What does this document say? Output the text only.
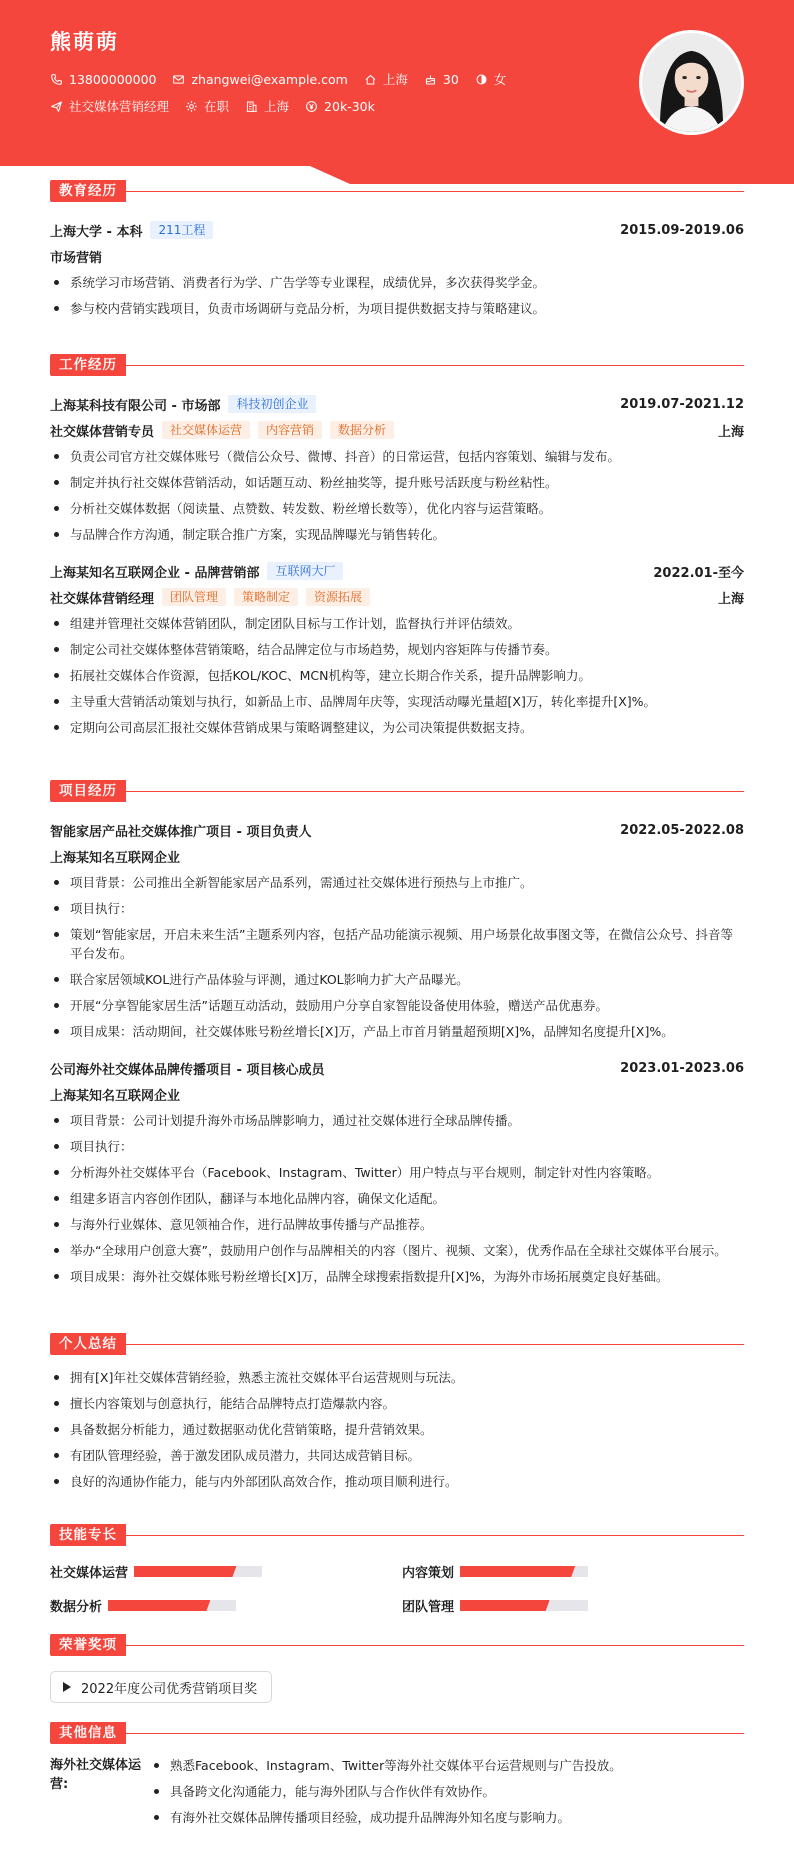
熊萌萌
13800000000	zhangwei@example.com	上海	30	女
社交媒体营销经理	在职	上海	20k-30k
教育经历
上海大学 - 本科	211工程	2015.09-2019.06
市场营销
系统学习市场营销、消费者行为学、广告学等专业课程，成绩优异，多次获得奖学金。
参与校内营销实践项目，负责市场调研与竞品分析，为项目提供数据支持与策略建议。
工作经历
上海某科技有限公司 - 市场部	科技初创企业	2019.07-2021.12
社交媒体营销专员	社交媒体运营	内容营销	数据分析	上海
负责公司官方社交媒体账号（微信公众号、微博、抖音）的日常运营，包括内容策划、编辑与发布。
制定并执行社交媒体营销活动，如话题互动、粉丝抽奖等，提升账号活跃度与粉丝粘性。
分析社交媒体数据（阅读量、点赞数、转发数、粉丝增长数等），优化内容与运营策略。
与品牌合作方沟通，制定联合推广方案，实现品牌曝光与销售转化。
上海某知名互联网企业 - 品牌营销部	互联网大厂	2022.01-至今
社交媒体营销经理	团队管理	策略制定	资源拓展	上海
组建并管理社交媒体营销团队，制定团队目标与工作计划，监督执行并评估绩效。
制定公司社交媒体整体营销策略，结合品牌定位与市场趋势，规划内容矩阵与传播节奏。
拓展社交媒体合作资源，包括KOL/KOC、MCN机构等，建立长期合作关系，提升品牌影响力。
主导重大营销活动策划与执行，如新品上市、品牌周年庆等，实现活动曝光量超[X]万，转化率提升[X]%。
定期向公司高层汇报社交媒体营销成果与策略调整建议，为公司决策提供数据支持。
项目经历
智能家居产品社交媒体推广项目 - 项目负责人	2022.05-2022.08
上海某知名互联网企业
项目背景：公司推出全新智能家居产品系列，需通过社交媒体进行预热与上市推广。
项目执行：
策划“智能家居，开启未来生活”主题系列内容，包括产品功能演示视频、用户场景化故事图文等，在微信公众号、抖音等平台发布。
联合家居领域KOL进行产品体验与评测，通过KOL影响力扩大产品曝光。
开展“分享智能家居生活”话题互动活动，鼓励用户分享自家智能设备使用体验，赠送产品优惠券。
项目成果：活动期间，社交媒体账号粉丝增长[X]万，产品上市首月销量超预期[X]%，品牌知名度提升[X]%。
公司海外社交媒体品牌传播项目 - 项目核心成员	2023.01-2023.06
上海某知名互联网企业
项目背景：公司计划提升海外市场品牌影响力，通过社交媒体进行全球品牌传播。
项目执行：
分析海外社交媒体平台（Facebook、Instagram、Twitter）用户特点与平台规则，制定针对性内容策略。
组建多语言内容创作团队，翻译与本地化品牌内容，确保文化适配。
与海外行业媒体、意见领袖合作，进行品牌故事传播与产品推荐。
举办“全球用户创意大赛”，鼓励用户创作与品牌相关的内容（图片、视频、文案），优秀作品在全球社交媒体平台展示。
项目成果：海外社交媒体账号粉丝增长[X]万，品牌全球搜索指数提升[X]%，为海外市场拓展奠定良好基础。
个人总结
拥有[X]年社交媒体营销经验，熟悉主流社交媒体平台运营规则与玩法。
擅长内容策划与创意执行，能结合品牌特点打造爆款内容。
具备数据分析能力，通过数据驱动优化营销策略，提升营销效果。
有团队管理经验，善于激发团队成员潜力，共同达成营销目标。
良好的沟通协作能力，能与内外部团队高效合作，推动项目顺利进行。
技能专长
社交媒体运营	内容策划
数据分析	团队管理
荣誉奖项
2022年度公司优秀营销项目奖
其他信息
海外社交媒体运营:
熟悉Facebook、Instagram、Twitter等海外社交媒体平台运营规则与广告投放。
具备跨文化沟通能力，能与海外团队与合作伙伴有效协作。
有海外社交媒体品牌传播项目经验，成功提升品牌海外知名度与影响力。
